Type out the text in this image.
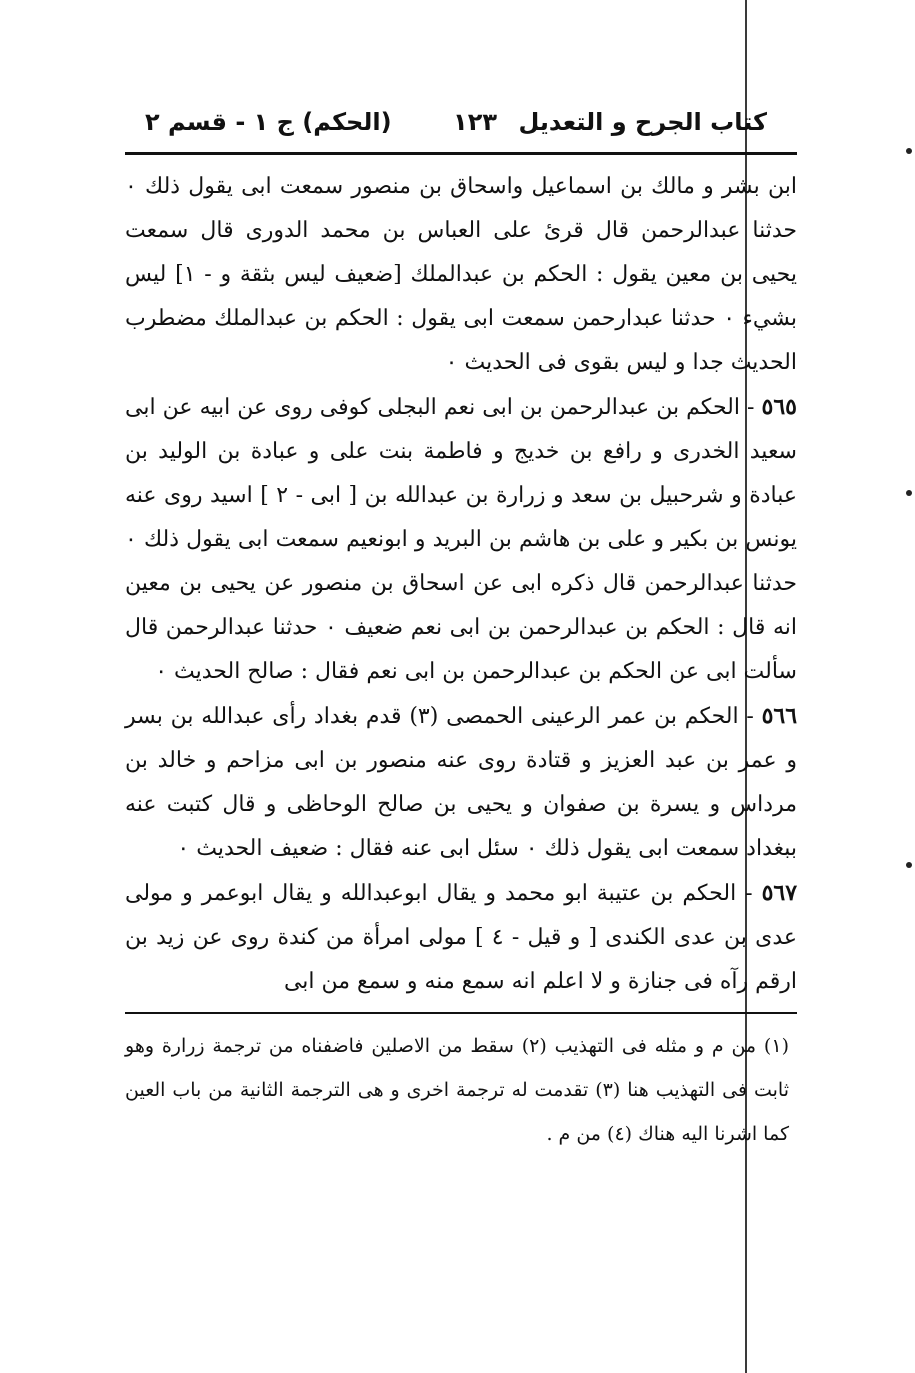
كتاب الجرح و التعديل
١٢٣
(الحكم) ج ١ - قسم ٢

ابن بشر و مالك بن اسماعيل واسحاق بن منصور سمعت ابى يقول ذلك ۰ حدثنا عبدالرحمن قال قرئ على العباس بن محمد الدورى قال سمعت يحيى بن معين يقول : الحكم بن عبدالملك [ضعيف ليس بثقة و - ١] ليس بشيء ۰ حدثنا عبدارحمن سمعت ابى يقول : الحكم بن عبدالملك مضطرب الحديث جدا و ليس بقوى فى الحديث ۰

٥٦٥ - الحكم بن عبدالرحمن بن ابى نعم البجلى كوفى روى عن ابيه عن ابى سعيد الخدرى و رافع بن خديج و فاطمة بنت على و عبادة بن الوليد بن عبادة و شرحبيل بن سعد و زرارة بن عبدالله بن [ ابى - ٢ ] اسيد روى عنه يونس بن بكير و على بن هاشم بن البريد و ابونعيم سمعت ابى يقول ذلك ۰ حدثنا عبدالرحمن قال ذكره ابى عن اسحاق بن منصور عن يحيى بن معين انه قال : الحكم بن عبدالرحمن بن ابى نعم ضعيف ۰ حدثنا عبدالرحمن قال سألت ابى عن الحكم بن عبدالرحمن بن ابى نعم فقال : صالح الحديث ۰

٥٦٦ - الحكم بن عمر الرعينى الحمصى (٣) قدم بغداد رأى عبدالله بن بسر و عمر بن عبد العزيز و قتادة روى عنه منصور بن ابى مزاحم و خالد بن مرداس و يسرة بن صفوان و يحيى بن صالح الوحاظى و قال كتبت عنه ببغداد سمعت ابى يقول ذلك ۰ سئل ابى عنه فقال : ضعيف الحديث ۰

٥٦٧ - الحكم بن عتيبة ابو محمد و يقال ابوعبدالله و يقال ابوعمر و مولى عدى بن عدى الكندى [ و قيل - ٤ ] مولى امرأة من كندة روى عن زيد بن ارقم رآه فى جنازة و لا اعلم انه سمع منه و سمع من ابى

(١) من م و مثله فى التهذيب (٢) سقط من الاصلين فاضفناه من ترجمة زرارة وهو ثابت فى التهذيب هنا (٣) تقدمت له ترجمة اخرى و هى الترجمة الثانية من باب العين كما اشرنا اليه هناك (٤) من م .
